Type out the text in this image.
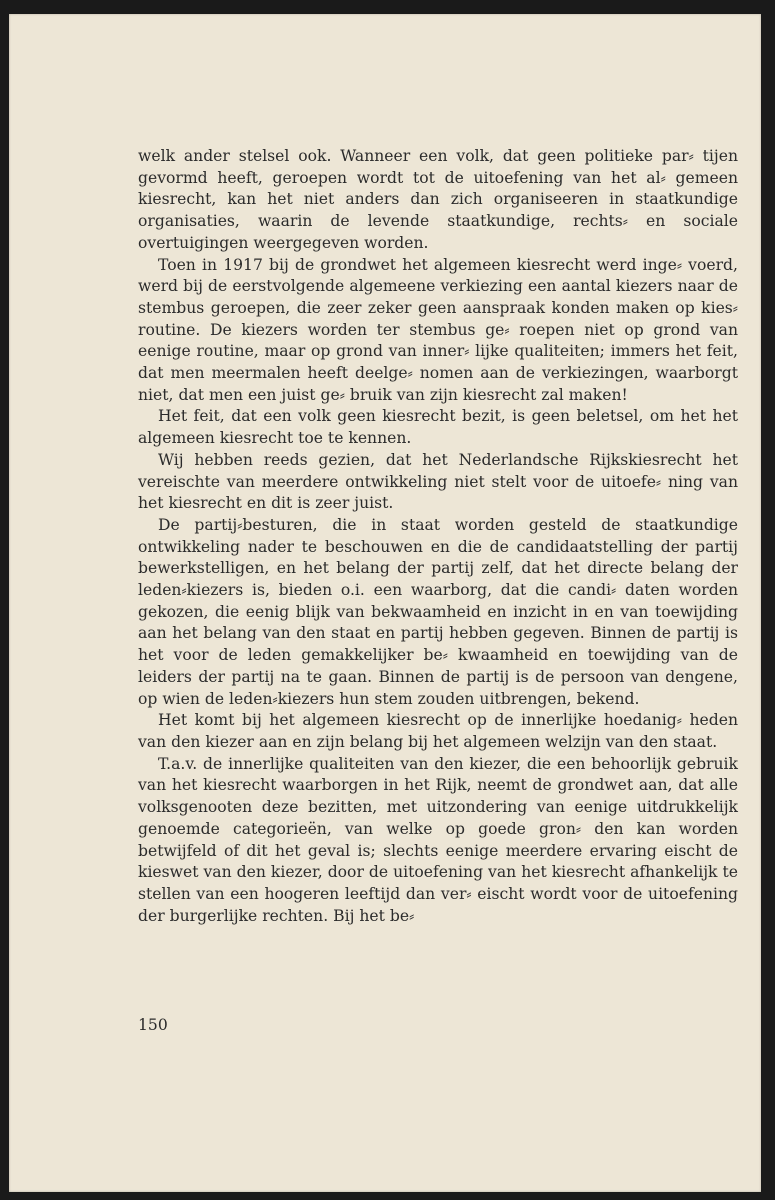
welk ander stelsel ook. Wanneer een volk, dat geen politieke par⸗ tijen gevormd heeft, geroepen wordt tot de uitoefening van het al⸗ gemeen kiesrecht, kan het niet anders dan zich organiseeren in staatkundige organisaties, waarin de levende staatkundige, rechts⸗ en sociale overtuigingen weergegeven worden.

Toen in 1917 bij de grondwet het algemeen kiesrecht werd inge⸗ voerd, werd bij de eerstvolgende algemeene verkiezing een aantal kiezers naar de stembus geroepen, die zeer zeker geen aanspraak konden maken op kies⸗routine. De kiezers worden ter stembus ge⸗ roepen niet op grond van eenige routine, maar op grond van inner⸗ lijke qualiteiten; immers het feit, dat men meermalen heeft deelge⸗ nomen aan de verkiezingen, waarborgt niet, dat men een juist ge⸗ bruik van zijn kiesrecht zal maken!

Het feit, dat een volk geen kiesrecht bezit, is geen beletsel, om het het algemeen kiesrecht toe te kennen.

Wij hebben reeds gezien, dat het Nederlandsche Rijkskiesrecht het vereischte van meerdere ontwikkeling niet stelt voor de uitoefe⸗ ning van het kiesrecht en dit is zeer juist.

De partij⸗besturen, die in staat worden gesteld de staatkundige ontwikkeling nader te beschouwen en die de candidaatstelling der partij bewerkstelligen, en het belang der partij zelf, dat het directe belang der leden⸗kiezers is, bieden o.i. een waarborg, dat die candi⸗ daten worden gekozen, die eenig blijk van bekwaamheid en inzicht in en van toewijding aan het belang van den staat en partij hebben gegeven. Binnen de partij is het voor de leden gemakkelijker be⸗ kwaamheid en toewijding van de leiders der partij na te gaan. Binnen de partij is de persoon van dengene, op wien de leden⸗kiezers hun stem zouden uitbrengen, bekend.

Het komt bij het algemeen kiesrecht op de innerlijke hoedanig⸗ heden van den kiezer aan en zijn belang bij het algemeen welzijn van den staat.

T.a.v. de innerlijke qualiteiten van den kiezer, die een behoorlijk gebruik van het kiesrecht waarborgen in het Rijk, neemt de grondwet aan, dat alle volksgenooten deze bezitten, met uitzondering van eenige uitdrukkelijk genoemde categorieën, van welke op goede gron⸗ den kan worden betwijfeld of dit het geval is; slechts eenige meerdere ervaring eischt de kieswet van den kiezer, door de uitoefening van het kiesrecht afhankelijk te stellen van een hoogeren leeftijd dan ver⸗ eischt wordt voor de uitoefening der burgerlijke rechten. Bij het be⸗

150
